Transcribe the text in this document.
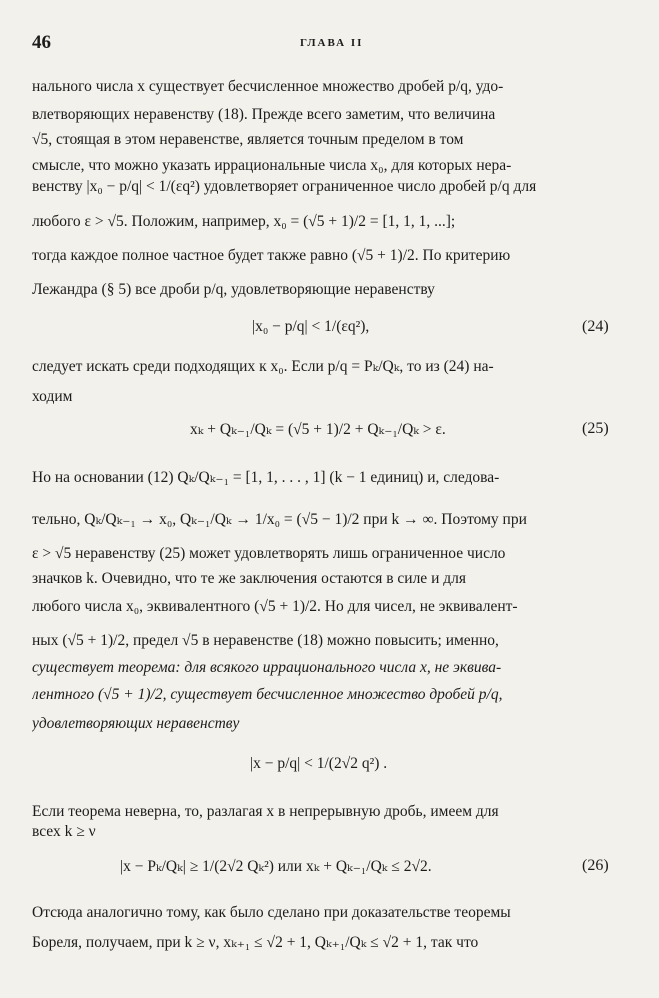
46	ГЛАВА II
нального числа x существует бесчисленное множество дробей p/q, удо-
влетворяющих неравенству (18). Прежде всего заметим, что величина
√5, стоящая в этом неравенстве, является точным пределом в том
смысле, что можно указать иррациональные числа x₀, для которых нера-
венству |x₀ − p/q| < 1/(εq²) удовлетворяет ограниченное число дробей p/q для
любого ε > √5. Положим, например, x₀ = (√5 + 1)/2 = [1, 1, 1, ...];
тогда каждое полное частное будет также равно (√5 + 1)/2. По критерию
Лежандра (§ 5) все дроби p/q, удовлетворяющие неравенству
|x₀ − p/q| < 1/(εq²),	(24)
следует искать среди подходящих к x₀. Если p/q = Pₖ/Qₖ, то из (24) на-
ходим
xₖ + Qₖ₋₁/Qₖ = (√5 + 1)/2 + Qₖ₋₁/Qₖ > ε.	(25)
Но на основании (12) Qₖ/Qₖ₋₁ = [1, 1, . . . , 1] (k − 1 единиц) и, следова-
тельно, Qₖ/Qₖ₋₁ → x₀, Qₖ₋₁/Qₖ → 1/x₀ = (√5 − 1)/2 при k → ∞. Поэтому при
ε > √5 неравенству (25) может удовлетворять лишь ограниченное число
значков k. Очевидно, что те же заключения остаются в силе и для
любого числа x₀, эквивалентного (√5 + 1)/2. Но для чисел, не эквивалент-
ных (√5 + 1)/2, предел √5 в неравенстве (18) можно повысить; именно,
существует теорема: для всякого иррационального числа x, не эквива-
лентного (√5 + 1)/2, существует бесчисленное множество дробей p/q,
удовлетворяющих неравенству
|x − p/q| < 1/(2√2 q²) .
Если теорема неверна, то, разлагая x в непрерывную дробь, имеем для
всех k ≥ ν
|x − Pₖ/Qₖ| ≥ 1/(2√2 Qₖ²) или xₖ + Qₖ₋₁/Qₖ ≤ 2√2.	(26)
Отсюда аналогично тому, как было сделано при доказательстве теоремы
Бореля, получаем, при k ≥ ν, xₖ₊₁ ≤ √2 + 1, Qₖ₊₁/Qₖ ≤ √2 + 1, так что
